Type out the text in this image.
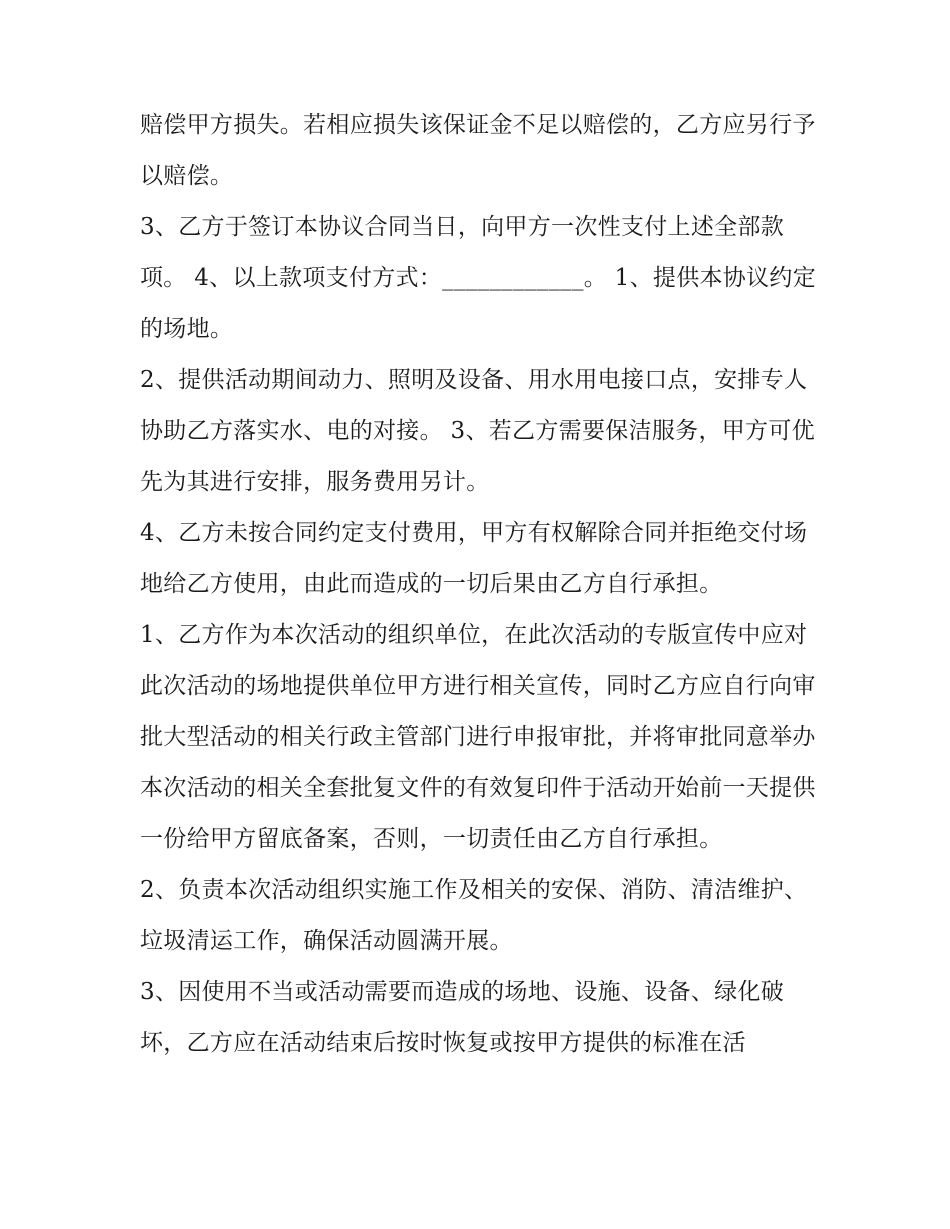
赔偿甲方损失。若相应损失该保证金不足以赔偿的，乙方应另行予以赔偿。

3、乙方于签订本协议合同当日，向甲方一次性支付上述全部款项。 4、以上款项支付方式：____________。 1、提供本协议约定的场地。

2、提供活动期间动力、照明及设备、用水用电接口点，安排专人协助乙方落实水、电的对接。 3、若乙方需要保洁服务，甲方可优先为其进行安排，服务费用另计。

4、乙方未按合同约定支付费用，甲方有权解除合同并拒绝交付场地给乙方使用，由此而造成的一切后果由乙方自行承担。

1、乙方作为本次活动的组织单位，在此次活动的专版宣传中应对此次活动的场地提供单位甲方进行相关宣传，同时乙方应自行向审批大型活动的相关行政主管部门进行申报审批，并将审批同意举办本次活动的相关全套批复文件的有效复印件于活动开始前一天提供一份给甲方留底备案，否则，一切责任由乙方自行承担。

2、负责本次活动组织实施工作及相关的安保、消防、清洁维护、垃圾清运工作，确保活动圆满开展。

3、因使用不当或活动需要而造成的场地、设施、设备、绿化破坏，乙方应在活动结束后按时恢复或按甲方提供的标准在活
